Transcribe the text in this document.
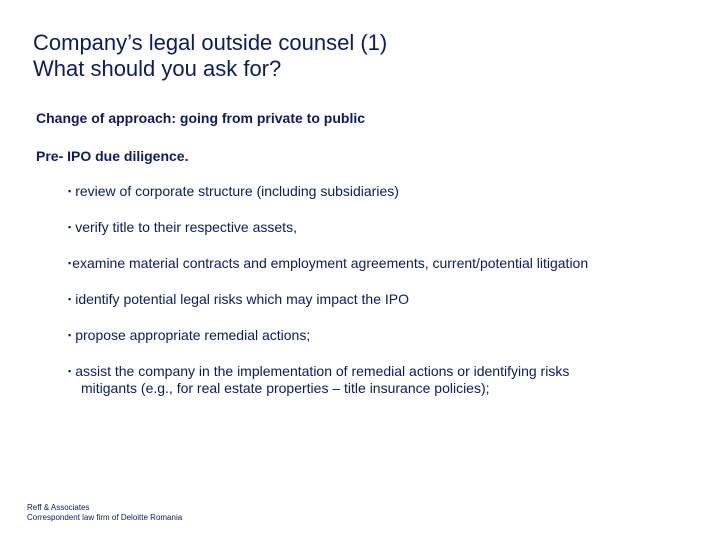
Company’s legal outside counsel (1)
What should you ask for?
Change of approach: going from private to public
Pre- IPO due diligence.
▪ review of corporate structure (including subsidiaries)
▪ verify title to their respective assets,
▪examine material contracts and employment agreements, current/potential litigation
▪ identify potential legal risks which may impact the IPO
▪ propose appropriate remedial actions;
▪ assist the company in the implementation of remedial actions or identifying risks
mitigants (e.g., for real estate properties – title insurance policies);
Reff & Associates
Correspondent law firm of Deloitte Romania
